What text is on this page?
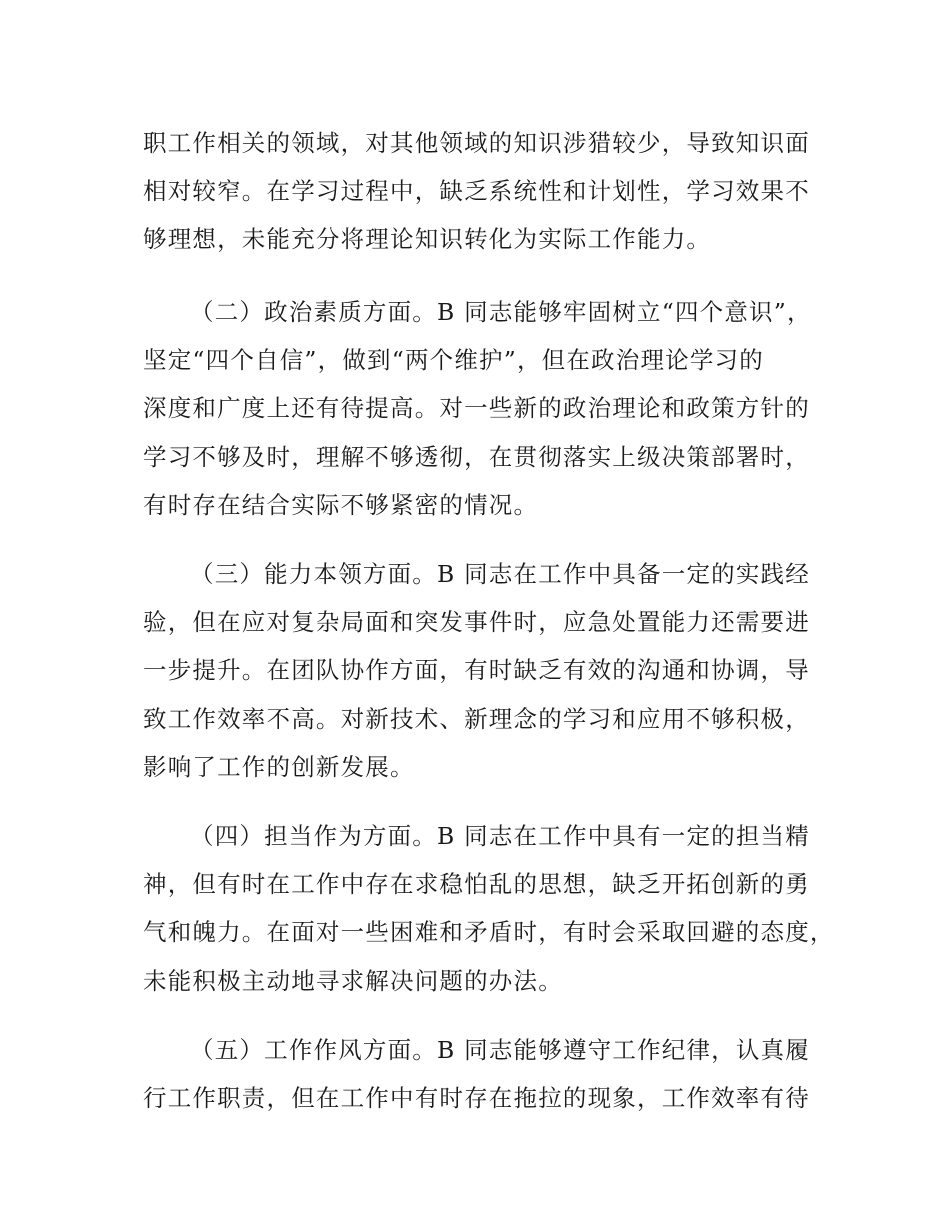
职工作相关的领域，对其他领域的知识涉猎较少，导致知识面
相对较窄。在学习过程中，缺乏系统性和计划性，学习效果不
够理想，未能充分将理论知识转化为实际工作能力。
（二）政治素质方面。B 同志能够牢固树立“四个意识”，
坚定“四个自信”，做到“两个维护”，但在政治理论学习的
深度和广度上还有待提高。对一些新的政治理论和政策方针的
学习不够及时，理解不够透彻，在贯彻落实上级决策部署时，
有时存在结合实际不够紧密的情况。
（三）能力本领方面。B 同志在工作中具备一定的实践经
验，但在应对复杂局面和突发事件时，应急处置能力还需要进
一步提升。在团队协作方面，有时缺乏有效的沟通和协调，导
致工作效率不高。对新技术、新理念的学习和应用不够积极，
影响了工作的创新发展。
（四）担当作为方面。B 同志在工作中具有一定的担当精
神，但有时在工作中存在求稳怕乱的思想，缺乏开拓创新的勇
气和魄力。在面对一些困难和矛盾时，有时会采取回避的态度，
未能积极主动地寻求解决问题的办法。
（五）工作作风方面。B 同志能够遵守工作纪律，认真履
行工作职责，但在工作中有时存在拖拉的现象，工作效率有待
